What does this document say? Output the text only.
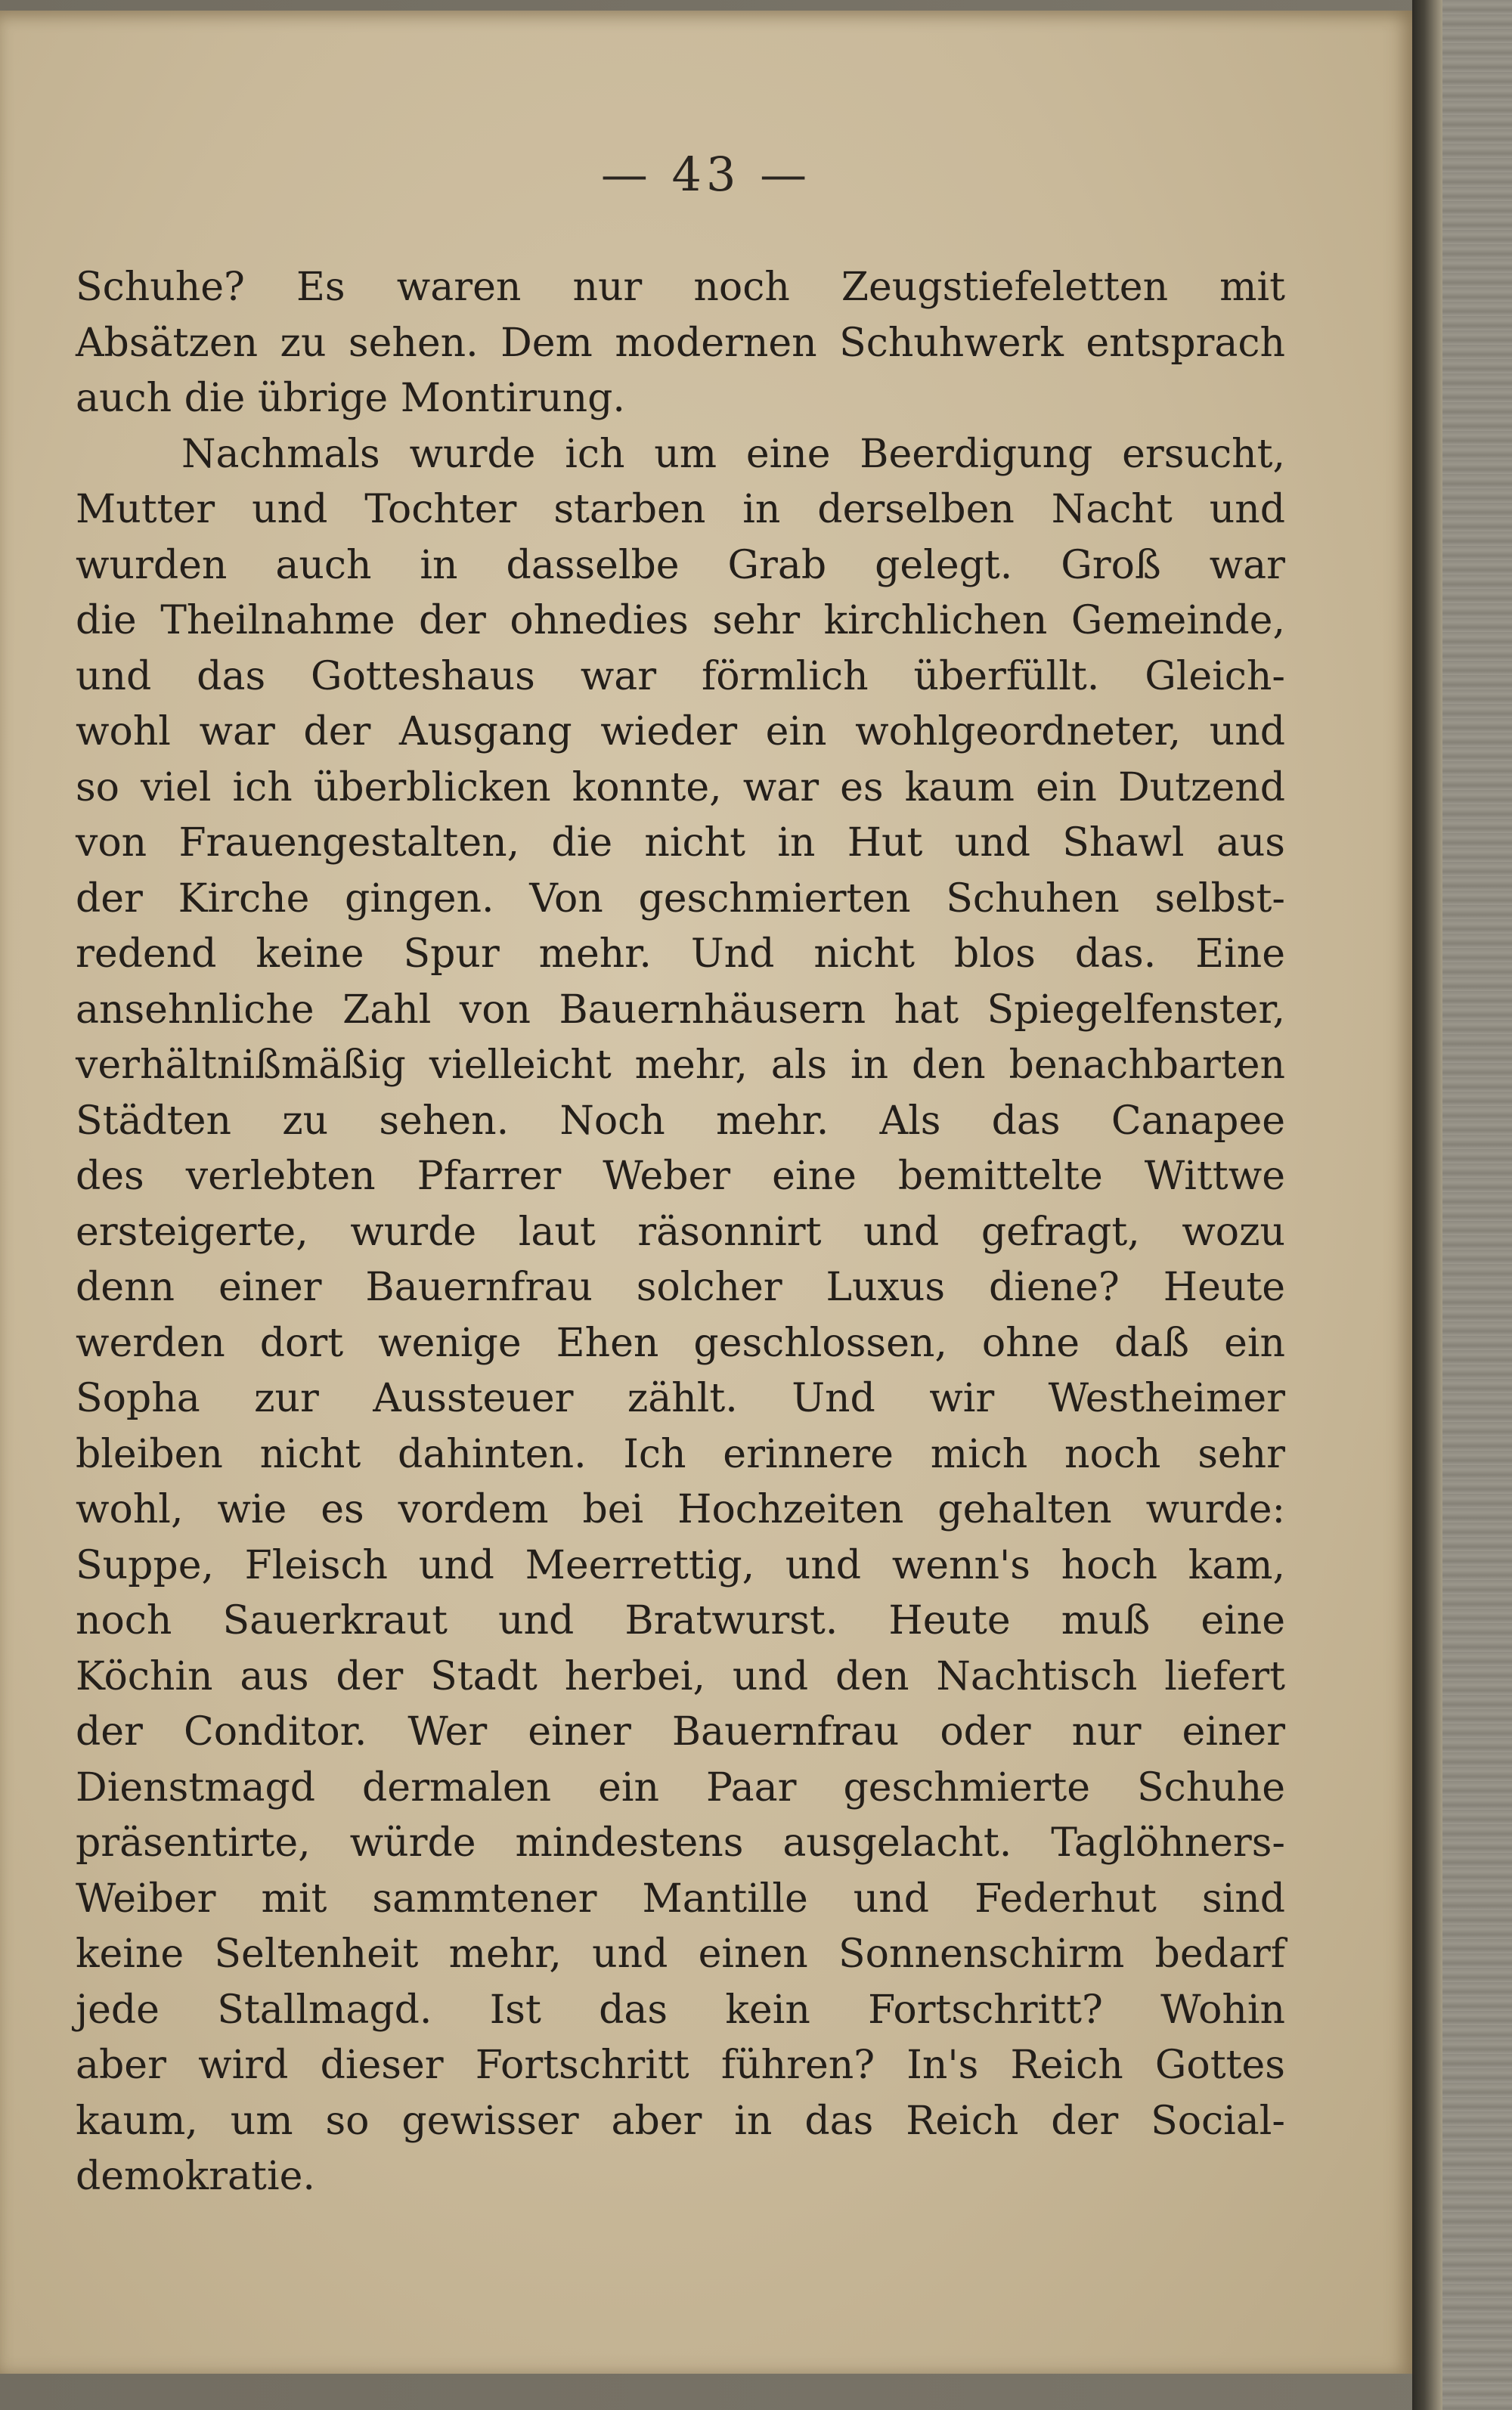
— 43 —
Schuhe? Es waren nur noch Zeugstiefeletten mit
Absätzen zu sehen. Dem modernen Schuhwerk entsprach
auch die übrige Montirung.
Nachmals wurde ich um eine Beerdigung ersucht,
Mutter und Tochter starben in derselben Nacht und
wurden auch in dasselbe Grab gelegt. Groß war
die Theilnahme der ohnedies sehr kirchlichen Gemeinde,
und das Gotteshaus war förmlich überfüllt. Gleich-
wohl war der Ausgang wieder ein wohlgeordneter, und
so viel ich überblicken konnte, war es kaum ein Dutzend
von Frauengestalten, die nicht in Hut und Shawl aus
der Kirche gingen. Von geschmierten Schuhen selbst-
redend keine Spur mehr. Und nicht blos das. Eine
ansehnliche Zahl von Bauernhäusern hat Spiegelfenster,
verhältnißmäßig vielleicht mehr, als in den benachbarten
Städten zu sehen. Noch mehr. Als das Canapee
des verlebten Pfarrer Weber eine bemittelte Wittwe
ersteigerte, wurde laut räsonnirt und gefragt, wozu
denn einer Bauernfrau solcher Luxus diene? Heute
werden dort wenige Ehen geschlossen, ohne daß ein
Sopha zur Aussteuer zählt. Und wir Westheimer
bleiben nicht dahinten. Ich erinnere mich noch sehr
wohl, wie es vordem bei Hochzeiten gehalten wurde:
Suppe, Fleisch und Meerrettig, und wenn's hoch kam,
noch Sauerkraut und Bratwurst. Heute muß eine
Köchin aus der Stadt herbei, und den Nachtisch liefert
der Conditor. Wer einer Bauernfrau oder nur einer
Dienstmagd dermalen ein Paar geschmierte Schuhe
präsentirte, würde mindestens ausgelacht. Taglöhners-
Weiber mit sammtener Mantille und Federhut sind
keine Seltenheit mehr, und einen Sonnenschirm bedarf
jede Stallmagd. Ist das kein Fortschritt? Wohin
aber wird dieser Fortschritt führen? In's Reich Gottes
kaum, um so gewisser aber in das Reich der Social-
demokratie.
